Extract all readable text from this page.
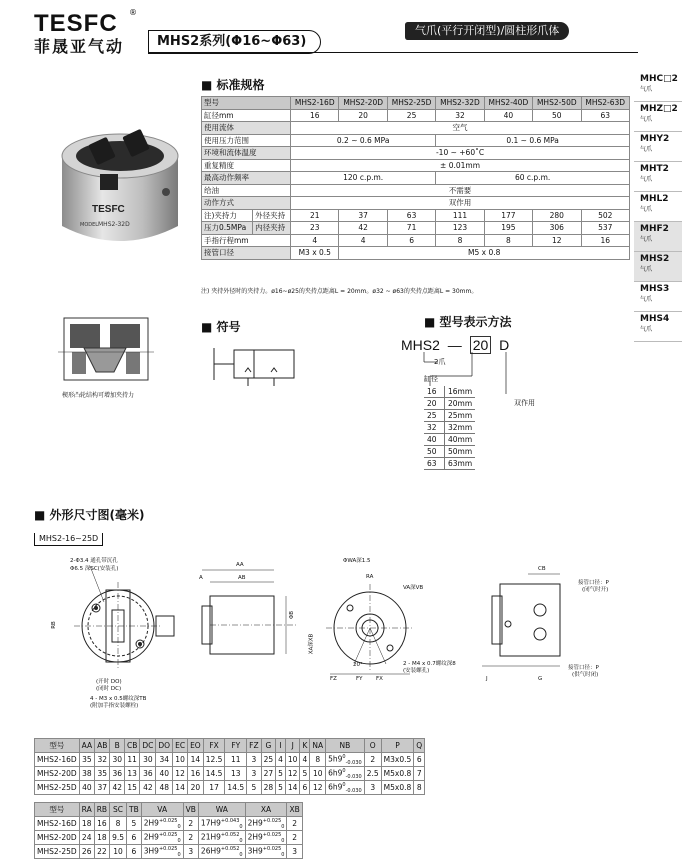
TESFC ®
菲晟亚气动	MHS2系列(Φ16~Φ63)
气爪(平行开闭型)/圆柱形爪体
MHC□2
气爪
MHZ□2
气爪
MHY2
气爪
MHT2
气爪
MHL2
气爪
MHF2
气爪
MHS2
气爪
MHS3
气爪
MHS4
气爪
TESFC
MODEL MHS2-32D
■ 标准规格
型号		MHS2-16D	MHS2-20D	MHS2-25D	MHS2-32D	MHS2-40D	MHS2-50D	MHS2-63D
缸径mm		16	20	25	32	40	50	63
使用流体		空气						
使用压力范围		0.2 ~ 0.6 MPa			0.1 ~ 0.6 MPa			
环境和流体温度		-10 ~ +60˚C						
重复精度		± 0.01mm						
最高动作频率		120 c.p.m.			60 c.p.m.			
给油		不需要						
动作方式		双作用						
注)夹持力	外径夹持	21	37	63	111	177	280	502
压力0.5MPa	内径夹持	23	42	71	123	195	306	537
手指行程mm		4	4	6	8	8	12	16
接管口径		M3 x 0.5	M5 x 0.8					
注) 夹持外径时的夹持力。ø16~ø25的夹持点距离L = 20mm。ø32 ~ ø63的夹持点距离L = 30mm。
楔形凸轮结构可增加夹持力
■ 符号	■ 型号表示方法
MHS2 — 20 D
2爪
缸径
双作用
16	16mm
20	20mm
25	25mm
32	32mm
40	40mm
50	50mm
63	63mm
■ 外形尺寸图(毫米)
MHS2-16~25D
2-Φ3.4 通孔带沉孔
Φ6.5 深SC(安装孔)
(开时 DO)
(闭时 DC)
4 - M3 x 0.5螺纹深TB
(附加手指安装螺栓)
RB
AA
AB
A
ΦB
ΦWA深1.5
RA
VA深VB
2 - M4 x 0.7螺纹深8
(安装螺孔)
FZ	FY FX
20°
XA深XB
CB
接管口径：P
(闭气时开)
接管口径：P
(供气时闭)
G
J
型号	AA	AB	B	CB	DC	DO	EC	EO	FX	FY	FZ	G	I	J	K	NA	NB	O	P	Q
MHS2-16D	35	32	30	11	30	34	10	14	12.5	11	3	25	4	10	4	8	$5h9^0_{-0.030}$	2	M3x0.5	6
MHS2-20D	38	35	36	13	36	40	12	16	14.5	13	3	27	5	12	5	10	$6h9^0_{-0.030}$	2.5	M5x0.8	7
MHS2-25D	40	37	42	15	42	48	14	20	17	14.5	5	28	5	14	6	12	$6h9^0_{-0.030}$	3	M5x0.8	8
型号	RA	RB	SC	TB	VA	VB	WA	XA	XB
MHS2-16D	18	16	8	5	$2H9^{+0.025}_0$	2	$17H9^{+0.043}_0$	$2H9^{+0.025}_0$	2
MHS2-20D	24	18	9.5	6	$2H9^{+0.025}_0$	2	$21H9^{+0.052}_0$	$2H9^{+0.025}_0$	2
MHS2-25D	26	22	10	6	$3H9^{+0.025}_0$	3	$26H9^{+0.052}_0$	$3H9^{+0.025}_0$	3
